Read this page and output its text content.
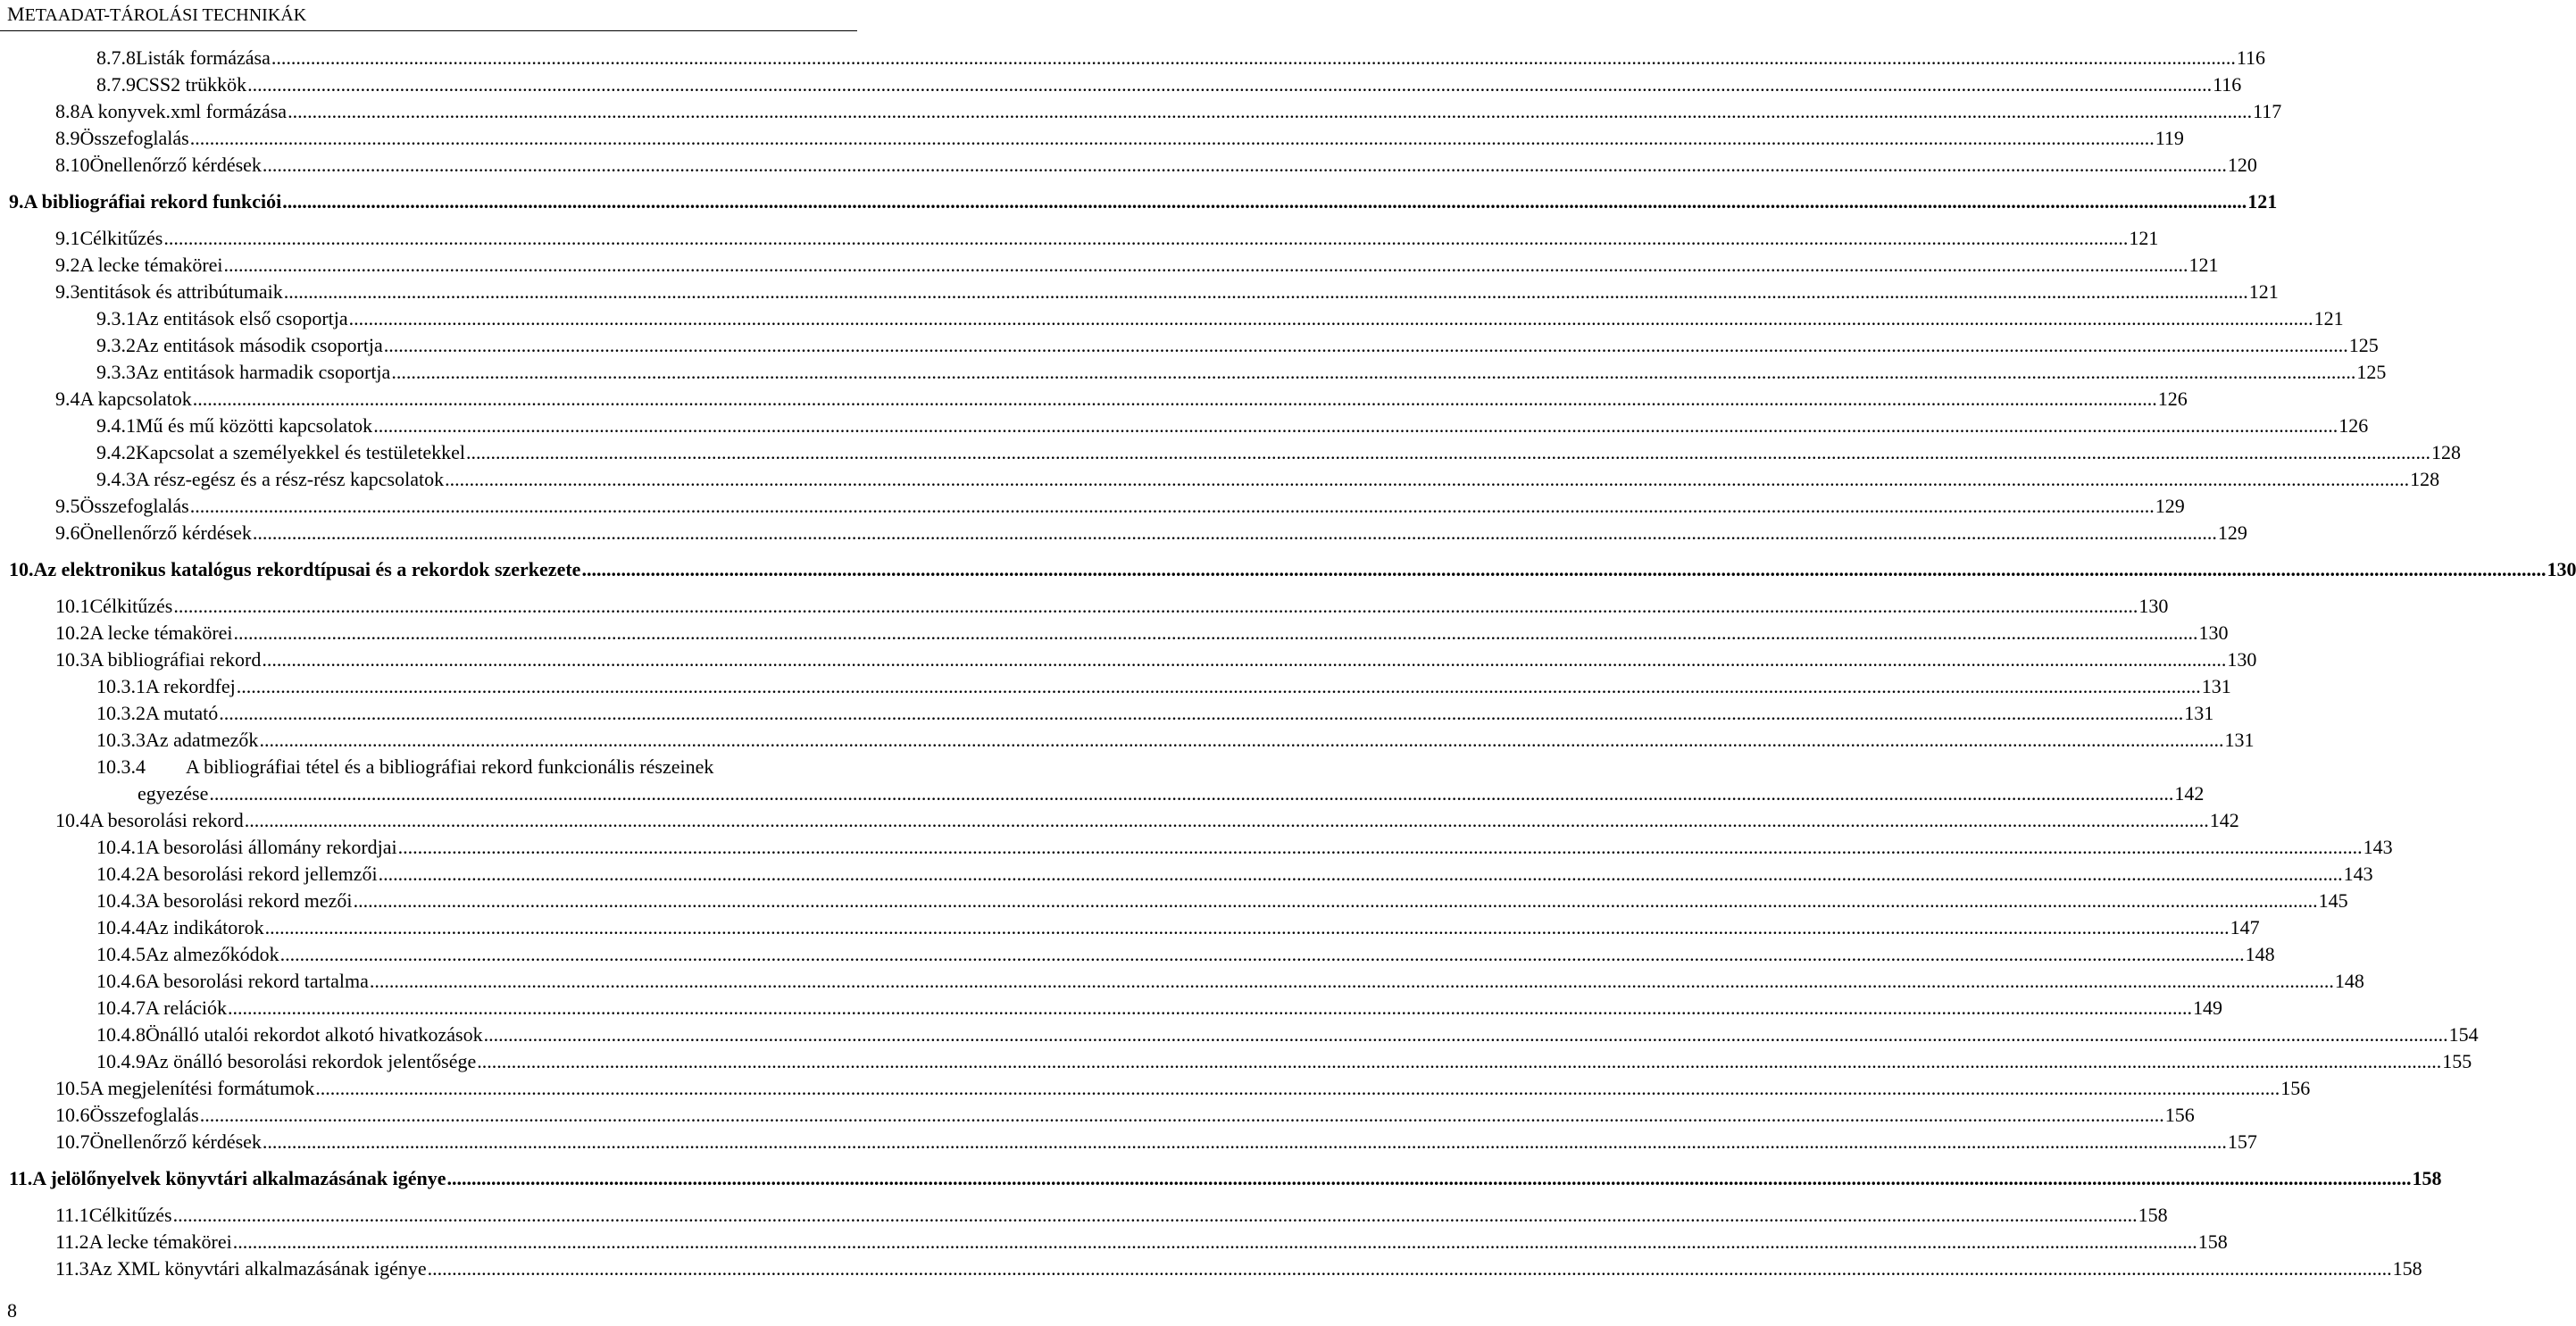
METAADAT-TÁROLÁSI TECHNIKÁK
8.7.8 Listák formázása ................................................................................................................................................................................................................................................................................................................................................................................................................ 116
8.7.9 CSS2 trükkök ................................................................................................................................................................................................................................................................................................................................................................................................................ 116
8.8 A konyvek.xml formázása ................................................................................................................................................................................................................................................................................................................................................................................................................ 117
8.9 Összefoglalás ................................................................................................................................................................................................................................................................................................................................................................................................................ 119
8.10 Önellenőrző kérdések ................................................................................................................................................................................................................................................................................................................................................................................................................ 120
9. A bibliográfiai rekord funkciói ................................................................................................................................................................................................................................................................................................................................................................................................................ 121
9.1 Célkitűzés ................................................................................................................................................................................................................................................................................................................................................................................................................ 121
9.2 A lecke témakörei ................................................................................................................................................................................................................................................................................................................................................................................................................ 121
9.3 entitások és attribútumaik ................................................................................................................................................................................................................................................................................................................................................................................................................ 121
9.3.1 Az entitások első csoportja ................................................................................................................................................................................................................................................................................................................................................................................................................ 121
9.3.2 Az entitások második csoportja ................................................................................................................................................................................................................................................................................................................................................................................................................ 125
9.3.3 Az entitások harmadik csoportja ................................................................................................................................................................................................................................................................................................................................................................................................................ 125
9.4 A kapcsolatok ................................................................................................................................................................................................................................................................................................................................................................................................................ 126
9.4.1 Mű és mű közötti kapcsolatok ................................................................................................................................................................................................................................................................................................................................................................................................................ 126
9.4.2 Kapcsolat a személyekkel és testületekkel ................................................................................................................................................................................................................................................................................................................................................................................................................ 128
9.4.3 A rész-egész és a rész-rész kapcsolatok ................................................................................................................................................................................................................................................................................................................................................................................................................ 128
9.5 Összefoglalás ................................................................................................................................................................................................................................................................................................................................................................................................................ 129
9.6 Önellenőrző kérdések ................................................................................................................................................................................................................................................................................................................................................................................................................ 129
10. Az elektronikus katalógus rekordtípusai és a rekordok szerkezete ................................................................................................................................................................................................................................................................................................................................................................................................................ 130
10.1 Célkitűzés ................................................................................................................................................................................................................................................................................................................................................................................................................ 130
10.2 A lecke témakörei ................................................................................................................................................................................................................................................................................................................................................................................................................ 130
10.3 A bibliográfiai rekord ................................................................................................................................................................................................................................................................................................................................................................................................................ 130
10.3.1 A rekordfej ................................................................................................................................................................................................................................................................................................................................................................................................................ 131
10.3.2 A mutató ................................................................................................................................................................................................................................................................................................................................................................................................................ 131
10.3.3 Az adatmezők ................................................................................................................................................................................................................................................................................................................................................................................................................ 131
10.3.4	A bibliográfiai tétel és a bibliográfiai rekord funkcionális részeinek
egyezése ................................................................................................................................................................................................................................................................................................................................................................................................................ 142
10.4 A besorolási rekord ................................................................................................................................................................................................................................................................................................................................................................................................................ 142
10.4.1 A besorolási állomány rekordjai ................................................................................................................................................................................................................................................................................................................................................................................................................ 143
10.4.2 A besorolási rekord jellemzői ................................................................................................................................................................................................................................................................................................................................................................................................................ 143
10.4.3 A besorolási rekord mezői ................................................................................................................................................................................................................................................................................................................................................................................................................ 145
10.4.4 Az indikátorok ................................................................................................................................................................................................................................................................................................................................................................................................................ 147
10.4.5 Az almezőkódok ................................................................................................................................................................................................................................................................................................................................................................................................................ 148
10.4.6 A besorolási rekord tartalma ................................................................................................................................................................................................................................................................................................................................................................................................................ 148
10.4.7 A relációk ................................................................................................................................................................................................................................................................................................................................................................................................................ 149
10.4.8 Önálló utalói rekordot alkotó hivatkozások ................................................................................................................................................................................................................................................................................................................................................................................................................ 154
10.4.9 Az önálló besorolási rekordok jelentősége ................................................................................................................................................................................................................................................................................................................................................................................................................ 155
10.5 A megjelenítési formátumok ................................................................................................................................................................................................................................................................................................................................................................................................................ 156
10.6 Összefoglalás ................................................................................................................................................................................................................................................................................................................................................................................................................ 156
10.7 Önellenőrző kérdések ................................................................................................................................................................................................................................................................................................................................................................................................................ 157
11. A jelölőnyelvek könyvtári alkalmazásának igénye ................................................................................................................................................................................................................................................................................................................................................................................................................ 158
11.1 Célkitűzés ................................................................................................................................................................................................................................................................................................................................................................................................................ 158
11.2 A lecke témakörei ................................................................................................................................................................................................................................................................................................................................................................................................................ 158
11.3 Az XML könyvtári alkalmazásának igénye ................................................................................................................................................................................................................................................................................................................................................................................................................ 158
8
